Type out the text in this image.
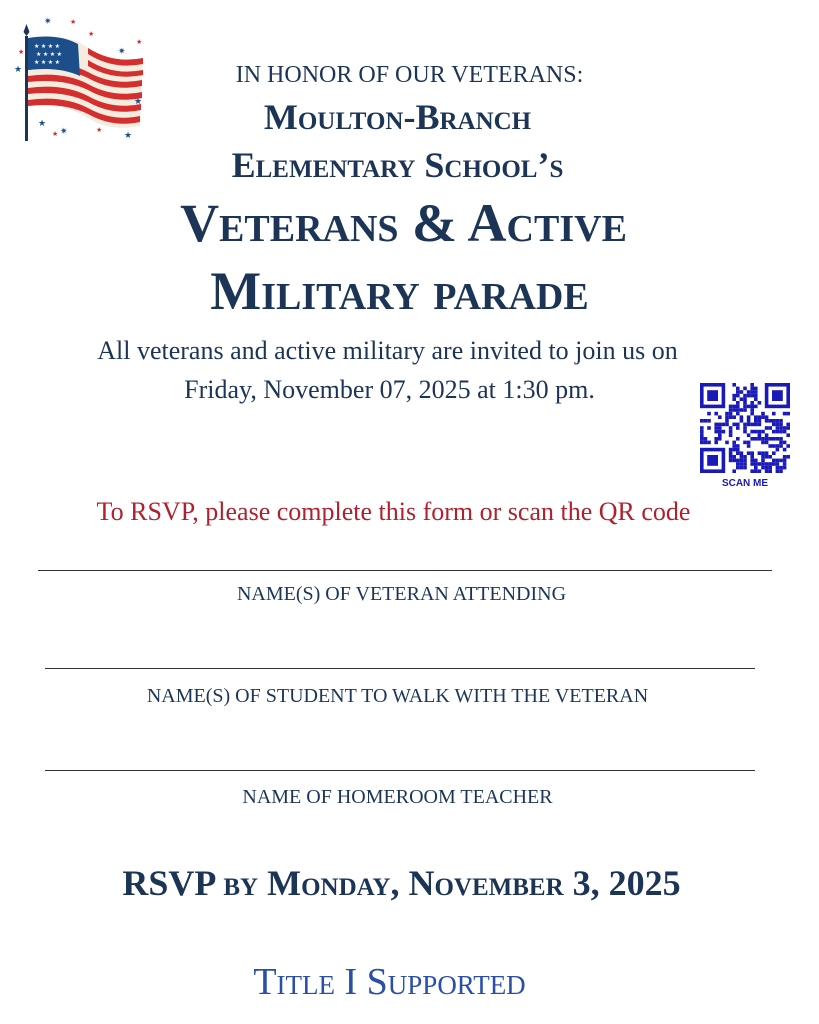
★ ★ ★ ★
★ ★ ★ ★
★ ★ ★ ★
✷
★
★
✷	★
✷
★
★
★
★
★
★
★
IN HONOR OF OUR VETERANS:
Moulton-Branch
Elementary School’s
Veterans & Active
Military parade
All veterans and active military are invited to join us on
Friday, November 07, 2025 at 1:30 pm.
SCAN ME
To RSVP, please complete this form or scan the QR code
NAME(S) OF VETERAN ATTENDING
NAME(S) OF STUDENT TO WALK WITH THE VETERAN
NAME OF HOMEROOM TEACHER
RSVP by Monday, November 3, 2025
Title I Supported
